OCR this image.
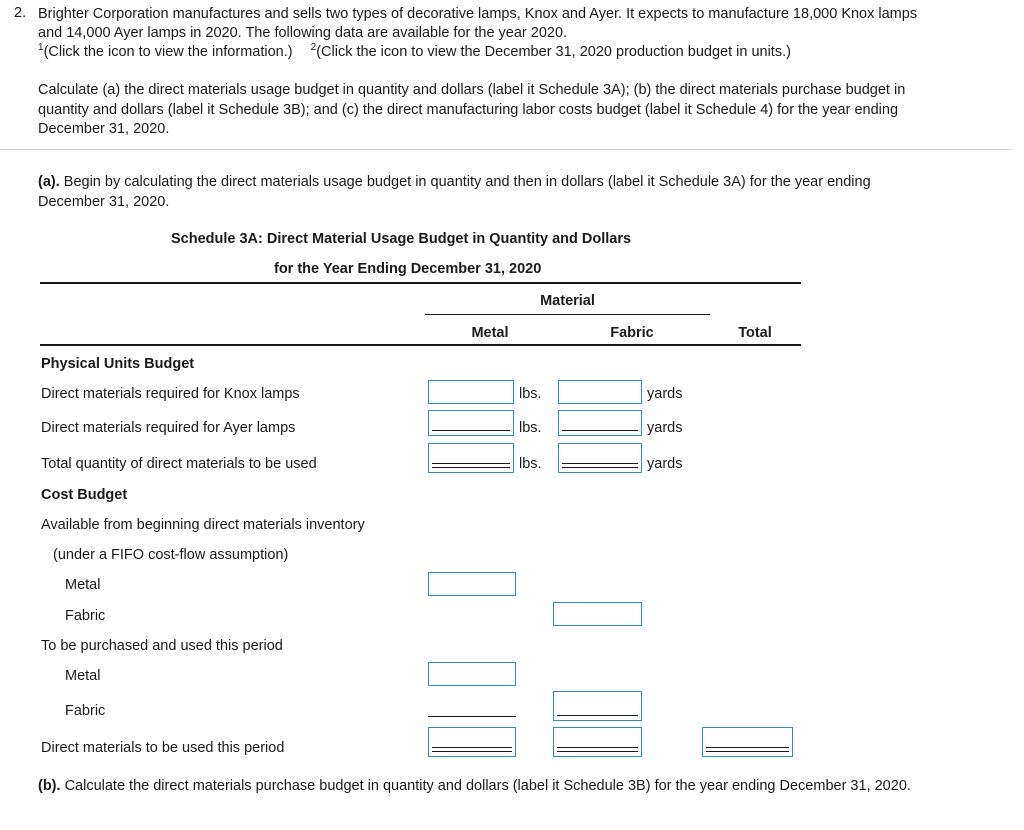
2. Brighter Corporation manufactures and sells two types of decorative lamps, Knox and Ayer. It expects to manufacture 18,000 Knox lamps
and 14,000 Ayer lamps in 2020. The following data are available for the year 2020.
$^1$(Click the icon to view the information.) $^2$(Click the icon to view the December 31, 2020 production budget in units.)
Calculate (a) the direct materials usage budget in quantity and dollars (label it Schedule 3A); (b) the direct materials purchase budget in
quantity and dollars (label it Schedule 3B); and (c) the direct manufacturing labor costs budget (label it Schedule 4) for the year ending
December 31, 2020.
(a). Begin by calculating the direct materials usage budget in quantity and then in dollars (label it Schedule 3A) for the year ending
December 31, 2020.
Schedule 3A: Direct Material Usage Budget in Quantity and Dollars
for the Year Ending December 31, 2020
Material
Metal	Fabric	Total
Physical Units Budget
Direct materials required for Knox lamps	lbs.	yards
Direct materials required for Ayer lamps	lbs.	yards
Total quantity of direct materials to be used	lbs.	yards
Cost Budget
Available from beginning direct materials inventory
(under a FIFO cost-flow assumption)
Metal
Fabric
To be purchased and used this period
Metal
Fabric
Direct materials to be used this period
(b). Calculate the direct materials purchase budget in quantity and dollars (label it Schedule 3B) for the year ending December 31, 2020.
